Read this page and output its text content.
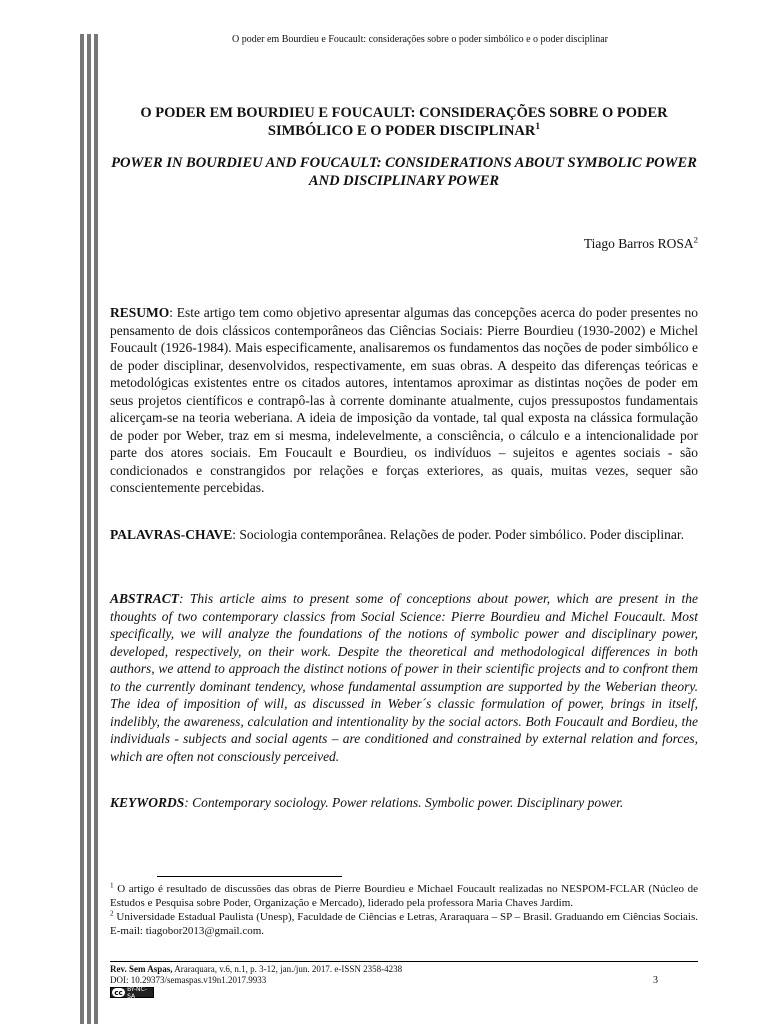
O poder em Bourdieu e Foucault: considerações sobre o poder simbólico e o poder disciplinar
O PODER EM BOURDIEU E FOUCAULT: CONSIDERAÇÕES SOBRE O PODER SIMBÓLICO E O PODER DISCIPLINAR$^1$
POWER IN BOURDIEU AND FOUCAULT: CONSIDERATIONS ABOUT SYMBOLIC POWER AND DISCIPLINARY POWER
Tiago Barros ROSA$^2$
RESUMO: Este artigo tem como objetivo apresentar algumas das concepções acerca do poder presentes no pensamento de dois clássicos contemporâneos das Ciências Sociais: Pierre Bourdieu (1930-2002) e Michel Foucault (1926-1984). Mais especificamente, analisaremos os fundamentos das noções de poder simbólico e de poder disciplinar, desenvolvidos, respectivamente, em suas obras. A despeito das diferenças teóricas e metodológicas existentes entre os citados autores, intentamos aproximar as distintas noções de poder em seus projetos científicos e contrapô-las à corrente dominante atualmente, cujos pressupostos fundamentais alicerçam-se na teoria weberiana. A ideia de imposição da vontade, tal qual exposta na clássica formulação de poder por Weber, traz em si mesma, indelevelmente, a consciência, o cálculo e a intencionalidade por parte dos atores sociais. Em Foucault e Bourdieu, os indivíduos – sujeitos e agentes sociais - são condicionados e constrangidos por relações e forças exteriores, as quais, muitas vezes, sequer são conscientemente percebidas.
PALAVRAS-CHAVE: Sociologia contemporânea. Relações de poder. Poder simbólico. Poder disciplinar.
ABSTRACT: This article aims to present some of conceptions about power, which are present in the thoughts of two contemporary classics from Social Science: Pierre Bourdieu and Michel Foucault. Most specifically, we will analyze the foundations of the notions of symbolic power and disciplinary power, developed, respectively, on their work. Despite the theoretical and methodological differences in both authors, we attend to approach the distinct notions of power in their scientific projects and to confront them to the currently dominant tendency, whose fundamental assumption are supported by the Weberian theory. The idea of imposition of will, as discussed in Weber´s classic formulation of power, brings in itself, indelibly, the awareness, calculation and intentionality by the social actors. Both Foucault and Bordieu, the individuals - subjects and social agents – are conditioned and constrained by external relation and forces, which are often not consciously perceived.
KEYWORDS: Contemporary sociology. Power relations. Symbolic power. Disciplinary power.
$^1$ O artigo é resultado de discussões das obras de Pierre Bourdieu e Michael Foucault realizadas no NESPOM-FCLAR (Núcleo de Estudos e Pesquisa sobre Poder, Organização e Mercado), liderado pela professora Maria Chaves Jardim.
$^2$ Universidade Estadual Paulista (Unesp), Faculdade de Ciências e Letras, Araraquara – SP – Brasil. Graduando em Ciências Sociais. E-mail: tiagobor2013@gmail.com.
Rev. Sem Aspas, Araraquara, v.6, n.1, p. 3-12, jan./jun. 2017. e-ISSN 2358-4238
DOI: 10.29373/semaspas.v19n1.2017.9933	3
cc BY-NC-SA
